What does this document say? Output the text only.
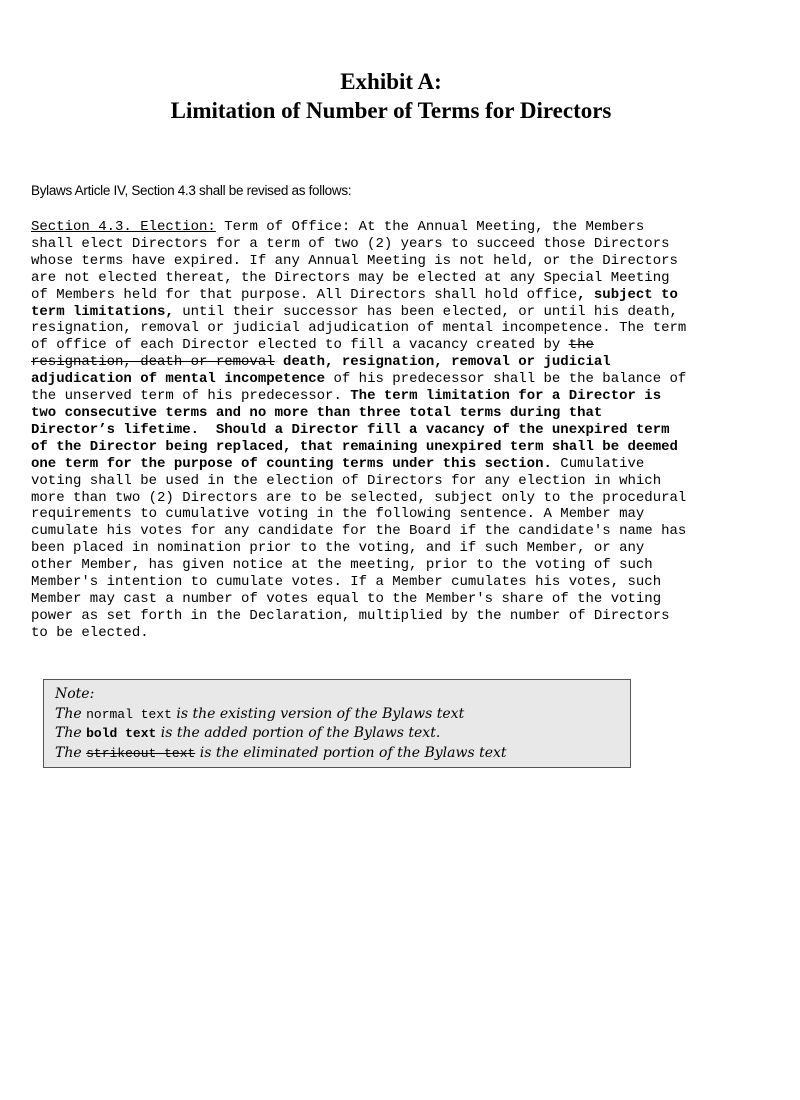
Exhibit A:
Limitation of Number of Terms for Directors
Bylaws Article IV, Section 4.3 shall be revised as follows:

Section 4.3. Election: Term of Office: At the Annual Meeting, the Members
shall elect Directors for a term of two (2) years to succeed those Directors
whose terms have expired. If any Annual Meeting is not held, or the Directors
are not elected thereat, the Directors may be elected at any Special Meeting
of Members held for that purpose. All Directors shall hold office, subject to
term limitations, until their successor has been elected, or until his death,
resignation, removal or judicial adjudication of mental incompetence. The term
of office of each Director elected to fill a vacancy created by the
resignation, death or removal death, resignation, removal or judicial
adjudication of mental incompetence of his predecessor shall be the balance of
the unserved term of his predecessor. The term limitation for a Director is
two consecutive terms and no more than three total terms during that
Director’s lifetime.  Should a Director fill a vacancy of the unexpired term
of the Director being replaced, that remaining unexpired term shall be deemed
one term for the purpose of counting terms under this section. Cumulative
voting shall be used in the election of Directors for any election in which
more than two (2) Directors are to be selected, subject only to the procedural
requirements to cumulative voting in the following sentence. A Member may
cumulate his votes for any candidate for the Board if the candidate's name has
been placed in nomination prior to the voting, and if such Member, or any
other Member, has given notice at the meeting, prior to the voting of such
Member's intention to cumulate votes. If a Member cumulates his votes, such
Member may cast a number of votes equal to the Member's share of the voting
power as set forth in the Declaration, multiplied by the number of Directors
to be elected.

Note:
The normal text is the existing version of the Bylaws text
The bold text is the added portion of the Bylaws text.
The strikeout text is the eliminated portion of the Bylaws text
